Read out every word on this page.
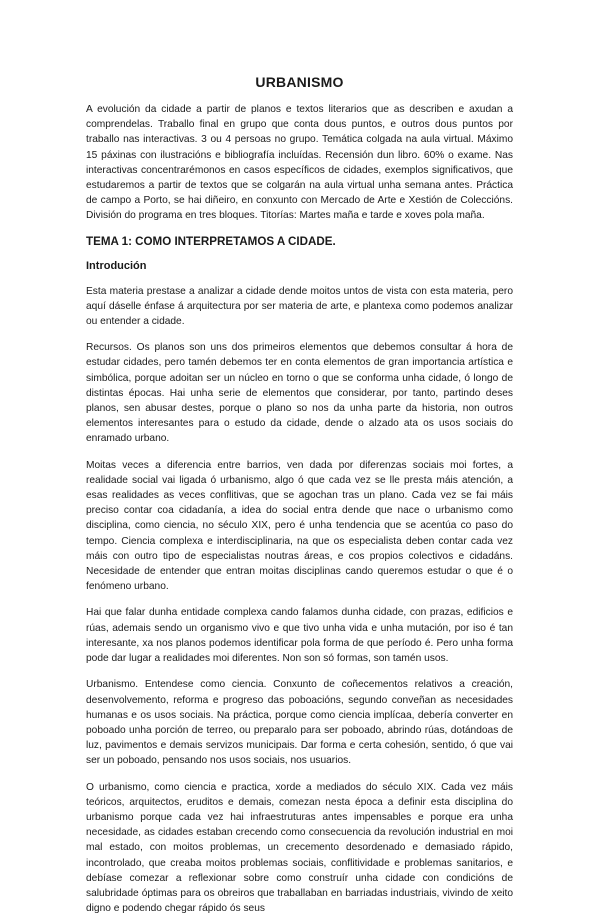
URBANISMO

A evolución da cidade a partir de planos e textos literarios que as describen e axudan a comprendelas. Traballo final en grupo que conta dous puntos, e outros dous puntos por traballo nas interactivas. 3 ou 4 persoas no grupo. Temática colgada na aula virtual. Máximo 15 páxinas con ilustracións e bibliografía incluídas. Recensión dun libro. 60% o exame. Nas interactivas concentrarémonos en casos específicos de cidades, exemplos significativos, que estudaremos a partir de textos que se colgarán na aula virtual unha semana antes. Práctica de campo a Porto, se hai diñeiro, en conxunto con Mercado de Arte e Xestión de Coleccións. División do programa en tres bloques. Titorías: Martes maña e tarde e xoves pola maña.

TEMA 1: COMO INTERPRETAMOS A CIDADE.
Introdución

Esta materia prestase a analizar a cidade dende moitos untos de vista con esta materia, pero aquí dáselle énfase á arquitectura por ser materia de arte, e plantexa como podemos analizar ou entender a cidade.

Recursos. Os planos son uns dos primeiros elementos que debemos consultar á hora de estudar cidades, pero tamén debemos ter en conta elementos de gran importancia artística e simbólica, porque adoitan ser un núcleo en torno o que se conforma unha cidade, ó longo de distintas épocas. Hai unha serie de elementos que considerar, por tanto, partindo deses planos, sen abusar destes, porque o plano so nos da unha parte da historia, non outros elementos interesantes para o estudo da cidade, dende o alzado ata os usos sociais do enramado urbano.

Moitas veces a diferencia entre barrios, ven dada por diferenzas sociais moi fortes, a realidade social vai ligada ó urbanismo, algo ó que cada vez se lle presta máis atención, a esas realidades as veces conflitivas, que se agochan tras un plano. Cada vez se fai máis preciso contar coa cidadanía, a idea do social entra dende que nace o urbanismo como disciplina, como ciencia, no século XIX, pero é unha tendencia que se acentúa co paso do tempo. Ciencia complexa e interdisciplinaria, na que os especialista deben contar cada vez máis con outro tipo de especialistas noutras áreas, e cos propios colectivos e cidadáns. Necesidade de entender que entran moitas disciplinas cando queremos estudar o que é o fenómeno urbano.

Hai que falar dunha entidade complexa cando falamos dunha cidade, con prazas, edificios e rúas, ademais sendo un organismo vivo e que tivo unha vida e unha mutación, por iso é tan interesante, xa nos planos podemos identificar pola forma de que período é. Pero unha forma pode dar lugar a realidades moi diferentes. Non son só formas, son tamén usos.

Urbanismo. Entendese como ciencia. Conxunto de coñecementos relativos a creación, desenvolvemento, reforma e progreso das poboacións, segundo conveñan as necesidades humanas e os usos sociais. Na práctica, porque como ciencia implícaa, debería converter en poboado unha porción de terreo, ou preparalo para ser poboado, abrindo rúas, dotándoas de luz, pavimentos e demais servizos municipais. Dar forma e certa cohesión, sentido, ó que vai ser un poboado, pensando nos usos sociais, nos usuarios.

O urbanismo, como ciencia e practica, xorde a mediados do século XIX. Cada vez máis teóricos, arquitectos, eruditos e demais, comezan nesta época a definir esta disciplina do urbanismo porque cada vez hai infraestruturas antes impensables e porque era unha necesidade, as cidades estaban crecendo como consecuencia da revolución industrial en moi mal estado, con moitos problemas, un crecemento desordenado e demasiado rápido, incontrolado, que creaba moitos problemas sociais, conflitividade e problemas sanitarios, e debíase comezar a reflexionar sobre como construír unha cidade con condicións de salubridade óptimas para os obreiros que traballaban en barriadas industriais, vivindo de xeito digno e podendo chegar rápido ós seus
